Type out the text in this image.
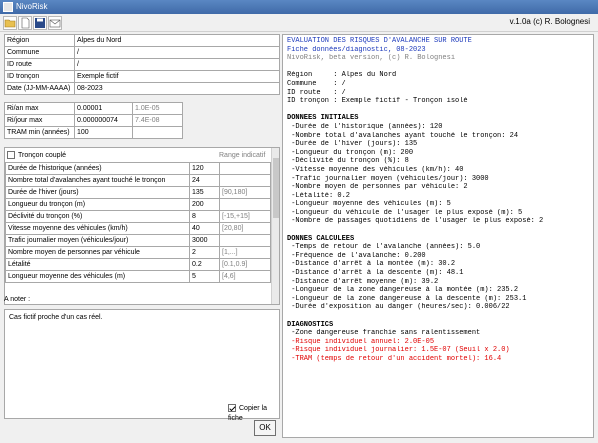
NivoRisk
v.1.0a (c) R. Bolognesi
Région	Alpes du Nord
Commune	/
ID route	/
ID tronçon	Exemple fictif
Date (JJ-MM-AAAA)	08-2023
Ri/an max	0.00001	1.0E-05	
Ri/jour max	0.000000074	7.4E-08	
TRAM min (années)	100		
Tronçon couplé	Range indicatif
Durée de l'historique (années)	120	
Nombre total d'avalanches ayant touché le tronçon	24	
Durée de l'hiver (jours)	135	[90,180]
Longueur du tronçon (m)	200	
Déclivité du tronçon (%)	8	[-15,+15]
Vitesse moyenne des véhicules (km/h)	40	[20,80]
Trafic journalier moyen (véhicules/jour)	3000	
Nombre moyen de personnes par véhicule	2	[1,...]
Létalité	0.2	[0.1,0.9]
Longueur moyenne des véhicules (m)	5	[4,6]
A noter :
Cas fictif proche d'un cas réel.
Copier la fiche
OK
EVALUATION DES RISQUES D'AVALANCHE SUR ROUTE
Fiche données/diagnostic, 08-2023
NivoRisk, beta version, (c) R. Bolognesi
Région     : Alpes du Nord
Commune    : /
ID route   : /
ID tronçon : Exemple fictif - Tronçon isolé
DONNEES INITIALES
-Durée de l'historique (années): 120
-Nombre total d'avalanches ayant touché le tronçon: 24
-Durée de l'hiver (jours): 135
-Longueur du tronçon (m): 200
-Déclivité du tronçon (%): 8
-Vitesse moyenne des véhicules (km/h): 40
-Trafic journalier moyen (véhicules/jour): 3000
-Nombre moyen de personnes par véhicule: 2
-Létalité: 0.2
-Longueur moyenne des véhicules (m): 5
-Longueur du véhicule de l'usager le plus exposé (m): 5
-Nombre de passages quotidiens de l'usager le plus exposé: 2
DONNES CALCULEES
-Temps de retour de l'avalanche (années): 5.0
-Fréquence de l'avalanche: 0.200
-Distance d'arrêt à la montée (m): 30.2
-Distance d'arrêt à la descente (m): 48.1
-Distance d'arrêt moyenne (m): 39.2
-Longueur de la zone dangereuse à la montée (m): 235.2
-Longueur de la zone dangereuse à la descente (m): 253.1
-Durée d'exposition au danger (heures/sec): 0.006/22
DIAGNOSTICS
-Zone dangereuse franchie sans ralentissement
-Risque individuel annuel: 2.0E-05
-Risque individuel journalier: 1.5E-07 (Seuil x 2.0)
-TRAM (temps de retour d'un accident mortel): 16.4
